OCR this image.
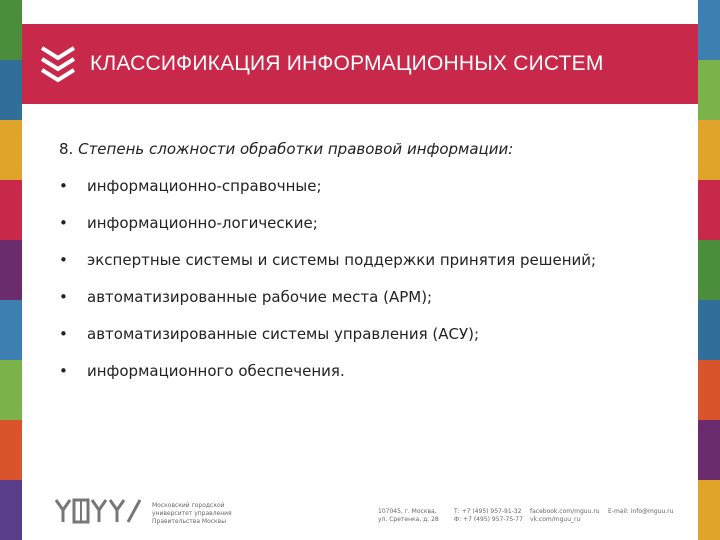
КЛАССИФИКАЦИЯ ИНФОРМАЦИОННЫХ СИСТЕМ
8. Степень сложности обработки правовой информации:
•	информационно-справочные;
•	информационно-логические;
•	экспертные системы и системы поддержки принятия решений;
•	автоматизированные рабочие места (АРМ);
•	автоматизированные системы управления (АСУ);
•	информационного обеспечения.
Московский городской
университет управления
Правительства Москвы
107045, г. Москва,
ул. Сретенка, д. 28
Т: +7 (495) 957-91-32
Ф: +7 (495) 957-75-77
facebook.com/mguu.ru
vk.com/mguu_ru
E-mail: info@mguu.ru
